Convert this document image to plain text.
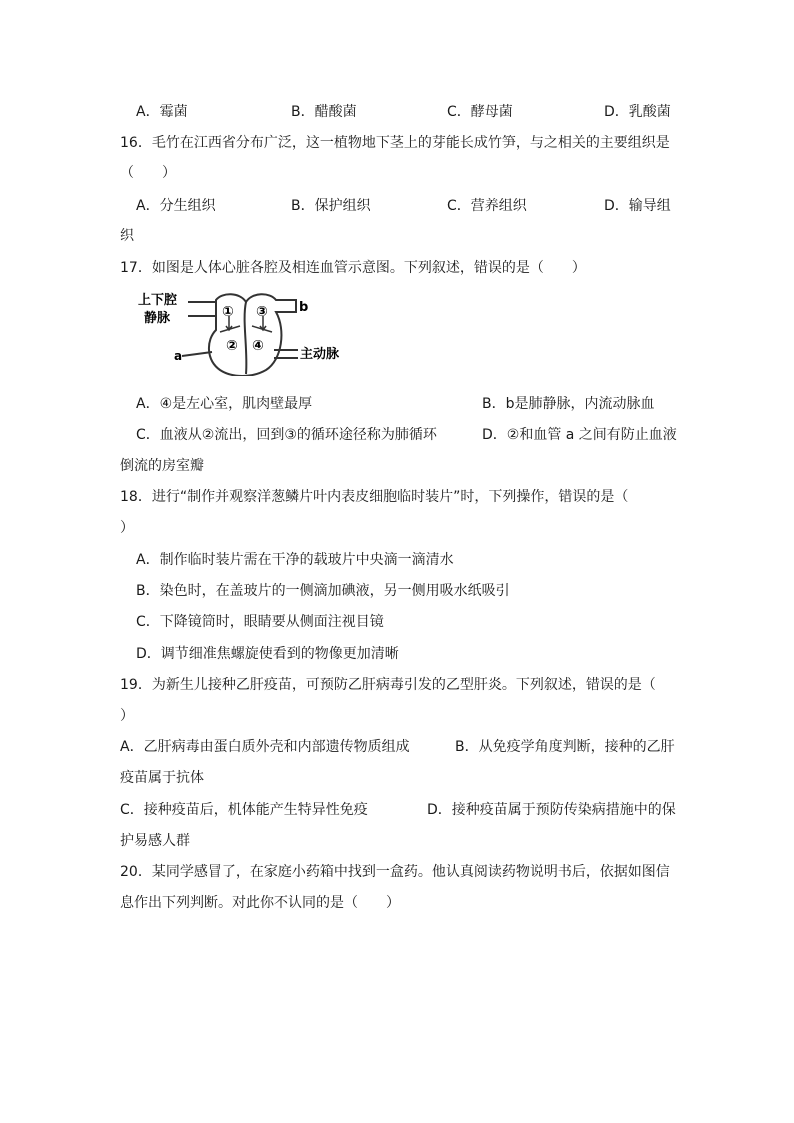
A．霉菌	B．醋酸菌	C．酵母菌	D．乳酸菌
16．毛竹在江西省分布广泛，这一植物地下茎上的芽能长成竹笋，与之相关的主要组织是
（　　）
A．分生组织	B．保护组织	C．营养组织	D．输导组
织
17．如图是人体心脏各腔及相连血管示意图。下列叙述，错误的是（　　）
上下腔
静脉
b
a	主动脉
①
②
③
④
A．④是左心室，肌肉壁最厚	B．b是肺静脉，内流动脉血
C．血液从②流出，回到③的循环途径称为肺循环	D．②和血管 a 之间有防止血液
倒流的房室瓣
18．进行“制作并观察洋葱鳞片叶内表皮细胞临时装片”时，下列操作，错误的是（
）
A．制作临时装片需在干净的载玻片中央滴一滴清水
B．染色时，在盖玻片的一侧滴加碘液，另一侧用吸水纸吸引
C．下降镜筒时，眼睛要从侧面注视目镜
D．调节细准焦螺旋使看到的物像更加清晰
19．为新生儿接种乙肝疫苗，可预防乙肝病毒引发的乙型肝炎。下列叙述，错误的是（
）
A．乙肝病毒由蛋白质外壳和内部遗传物质组成	B．从免疫学角度判断，接种的乙肝
疫苗属于抗体
C．接种疫苗后，机体能产生特异性免疫	D．接种疫苗属于预防传染病措施中的保
护易感人群
20．某同学感冒了，在家庭小药箱中找到一盒药。他认真阅读药物说明书后，依据如图信
息作出下列判断。对此你不认同的是（　　）
